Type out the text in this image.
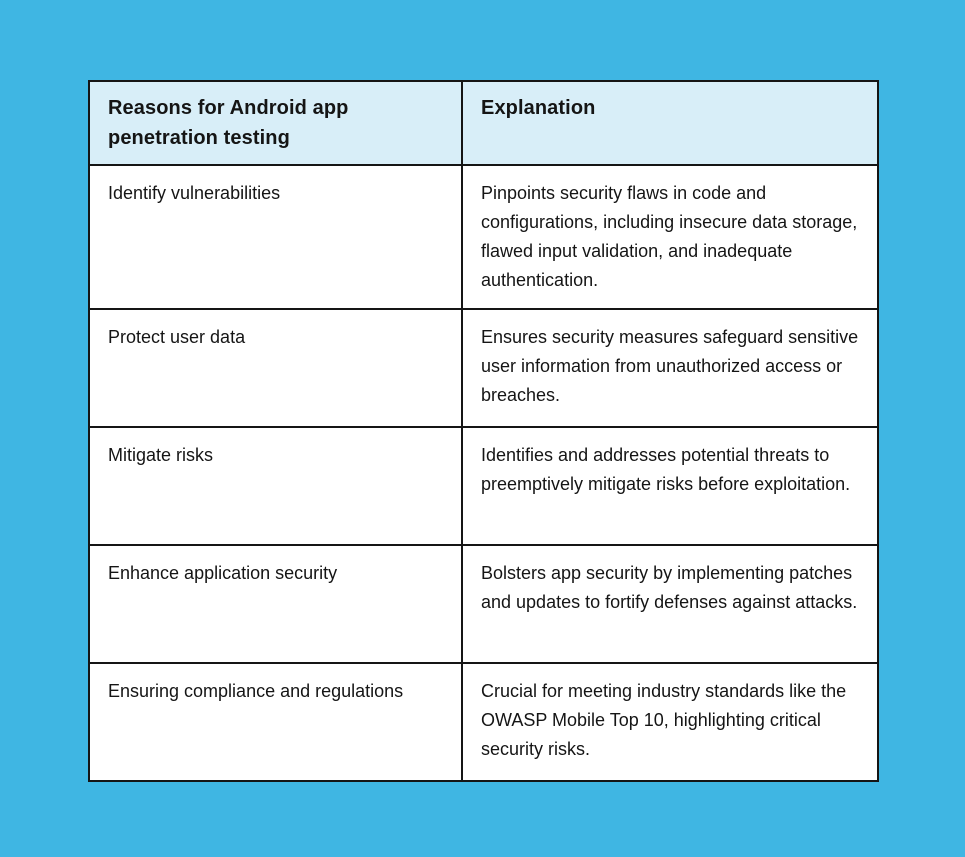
Reasons for Android app penetration testing	Explanation
Identify vulnerabilities	Pinpoints security flaws in code and configurations, including insecure data storage, flawed input validation, and inadequate authentication.
Protect user data	Ensures security measures safeguard sensitive user information from unauthorized access or breaches.
Mitigate risks	Identifies and addresses potential threats to preemptively mitigate risks before exploitation.
Enhance application security	Bolsters app security by implementing patches and updates to fortify defenses against attacks.
Ensuring compliance and regulations	Crucial for meeting industry standards like the OWASP Mobile Top 10, highlighting critical security risks.
